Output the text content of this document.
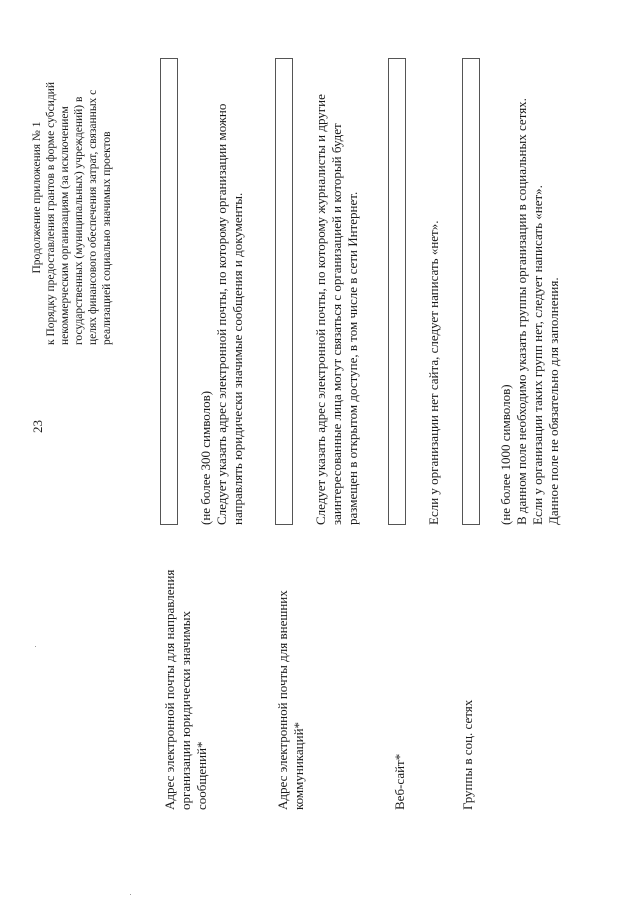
23
Продолжение приложения № 1 к Порядку предоставления грантов в форме субсидий некоммерческим организациям (за исключением государственных (муниципальных) учреждений) в целях финансового обеспечения затрат, связанных с реализацией социально значимых проектов
Адрес электронной почты для направления организации юридически значимых сообщений*
(не более 300 символов) Следует указать адрес электронной почты, по которому организации можно направлять юридически значимые сообщения и документы.
Адрес электронной почты для внешних коммуникаций*
Следует указать адрес электронной почты, по которому журналисты и другие заинтересованные лица могут связаться с организацией и который будет размещен в открытом доступе, в том числе в сети Интернет.
Веб-сайт*
Если у организации нет сайта, следует написать «нет».
Группы в соц. сетях
(не более 1000 символов) В данном поле необходимо указать группы организации в социальных сетях. Если у организации таких групп нет, следует написать «нет». Данное поле не обязательно для заполнения.
